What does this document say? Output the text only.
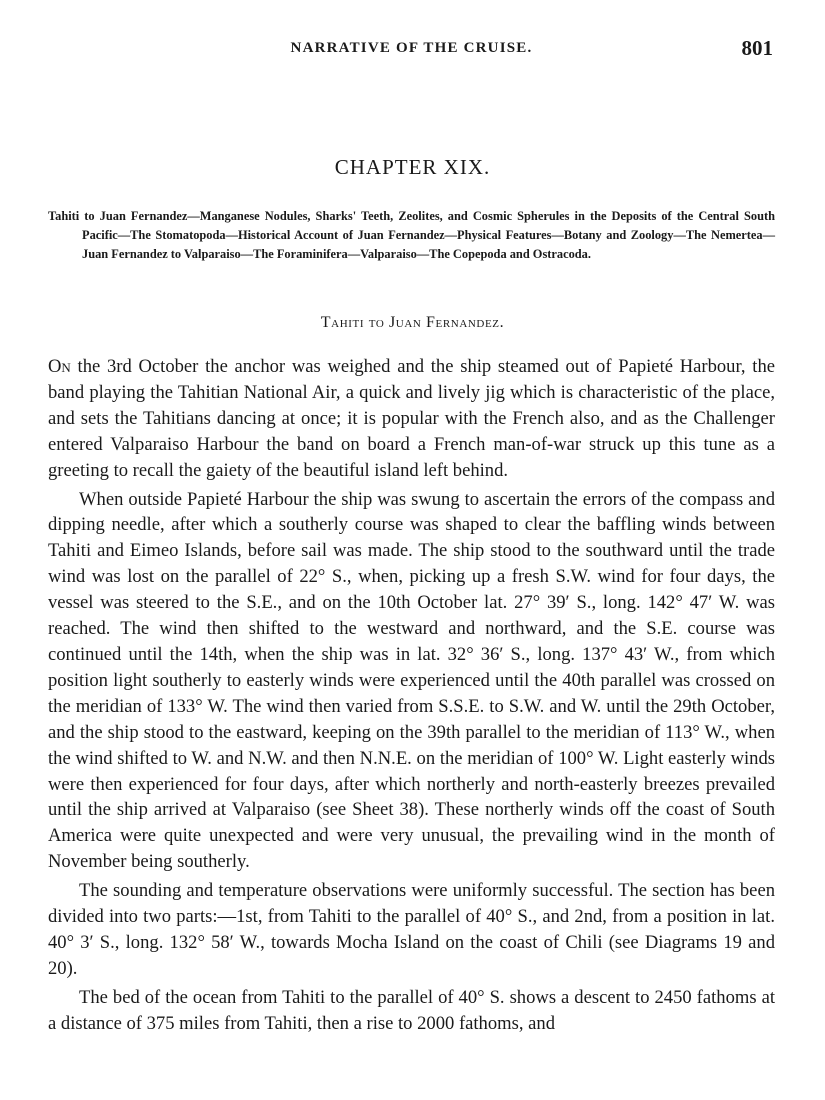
NARRATIVE OF THE CRUISE.	801
CHAPTER XIX.
Tahiti to Juan Fernandez—Manganese Nodules, Sharks' Teeth, Zeolites, and Cosmic Spherules in the Deposits of the Central South Pacific—The Stomatopoda—Historical Account of Juan Fernandez—Physical Features—Botany and Zoology—The Nemertea—Juan Fernandez to Valparaiso—The Foraminifera—Valparaiso—The Copepoda and Ostracoda.
Tahiti to Juan Fernandez.

On the 3rd October the anchor was weighed and the ship steamed out of Papieté Harbour, the band playing the Tahitian National Air, a quick and lively jig which is characteristic of the place, and sets the Tahitians dancing at once; it is popular with the French also, and as the Challenger entered Valparaiso Harbour the band on board a French man-of-war struck up this tune as a greeting to recall the gaiety of the beautiful island left behind.

When outside Papieté Harbour the ship was swung to ascertain the errors of the compass and dipping needle, after which a southerly course was shaped to clear the baffling winds between Tahiti and Eimeo Islands, before sail was made. The ship stood to the southward until the trade wind was lost on the parallel of 22° S., when, picking up a fresh S.W. wind for four days, the vessel was steered to the S.E., and on the 10th October lat. 27° 39′ S., long. 142° 47′ W. was reached. The wind then shifted to the westward and northward, and the S.E. course was continued until the 14th, when the ship was in lat. 32° 36′ S., long. 137° 43′ W., from which position light southerly to easterly winds were experienced until the 40th parallel was crossed on the meridian of 133° W. The wind then varied from S.S.E. to S.W. and W. until the 29th October, and the ship stood to the eastward, keeping on the 39th parallel to the meridian of 113° W., when the wind shifted to W. and N.W. and then N.N.E. on the meridian of 100° W. Light easterly winds were then experienced for four days, after which northerly and north-easterly breezes prevailed until the ship arrived at Valparaiso (see Sheet 38). These northerly winds off the coast of South America were quite unexpected and were very unusual, the prevailing wind in the month of November being southerly.

The sounding and temperature observations were uniformly successful. The section has been divided into two parts:—1st, from Tahiti to the parallel of 40° S., and 2nd, from a position in lat. 40° 3′ S., long. 132° 58′ W., towards Mocha Island on the coast of Chili (see Diagrams 19 and 20).

The bed of the ocean from Tahiti to the parallel of 40° S. shows a descent to 2450 fathoms at a distance of 375 miles from Tahiti, then a rise to 2000 fathoms, and
